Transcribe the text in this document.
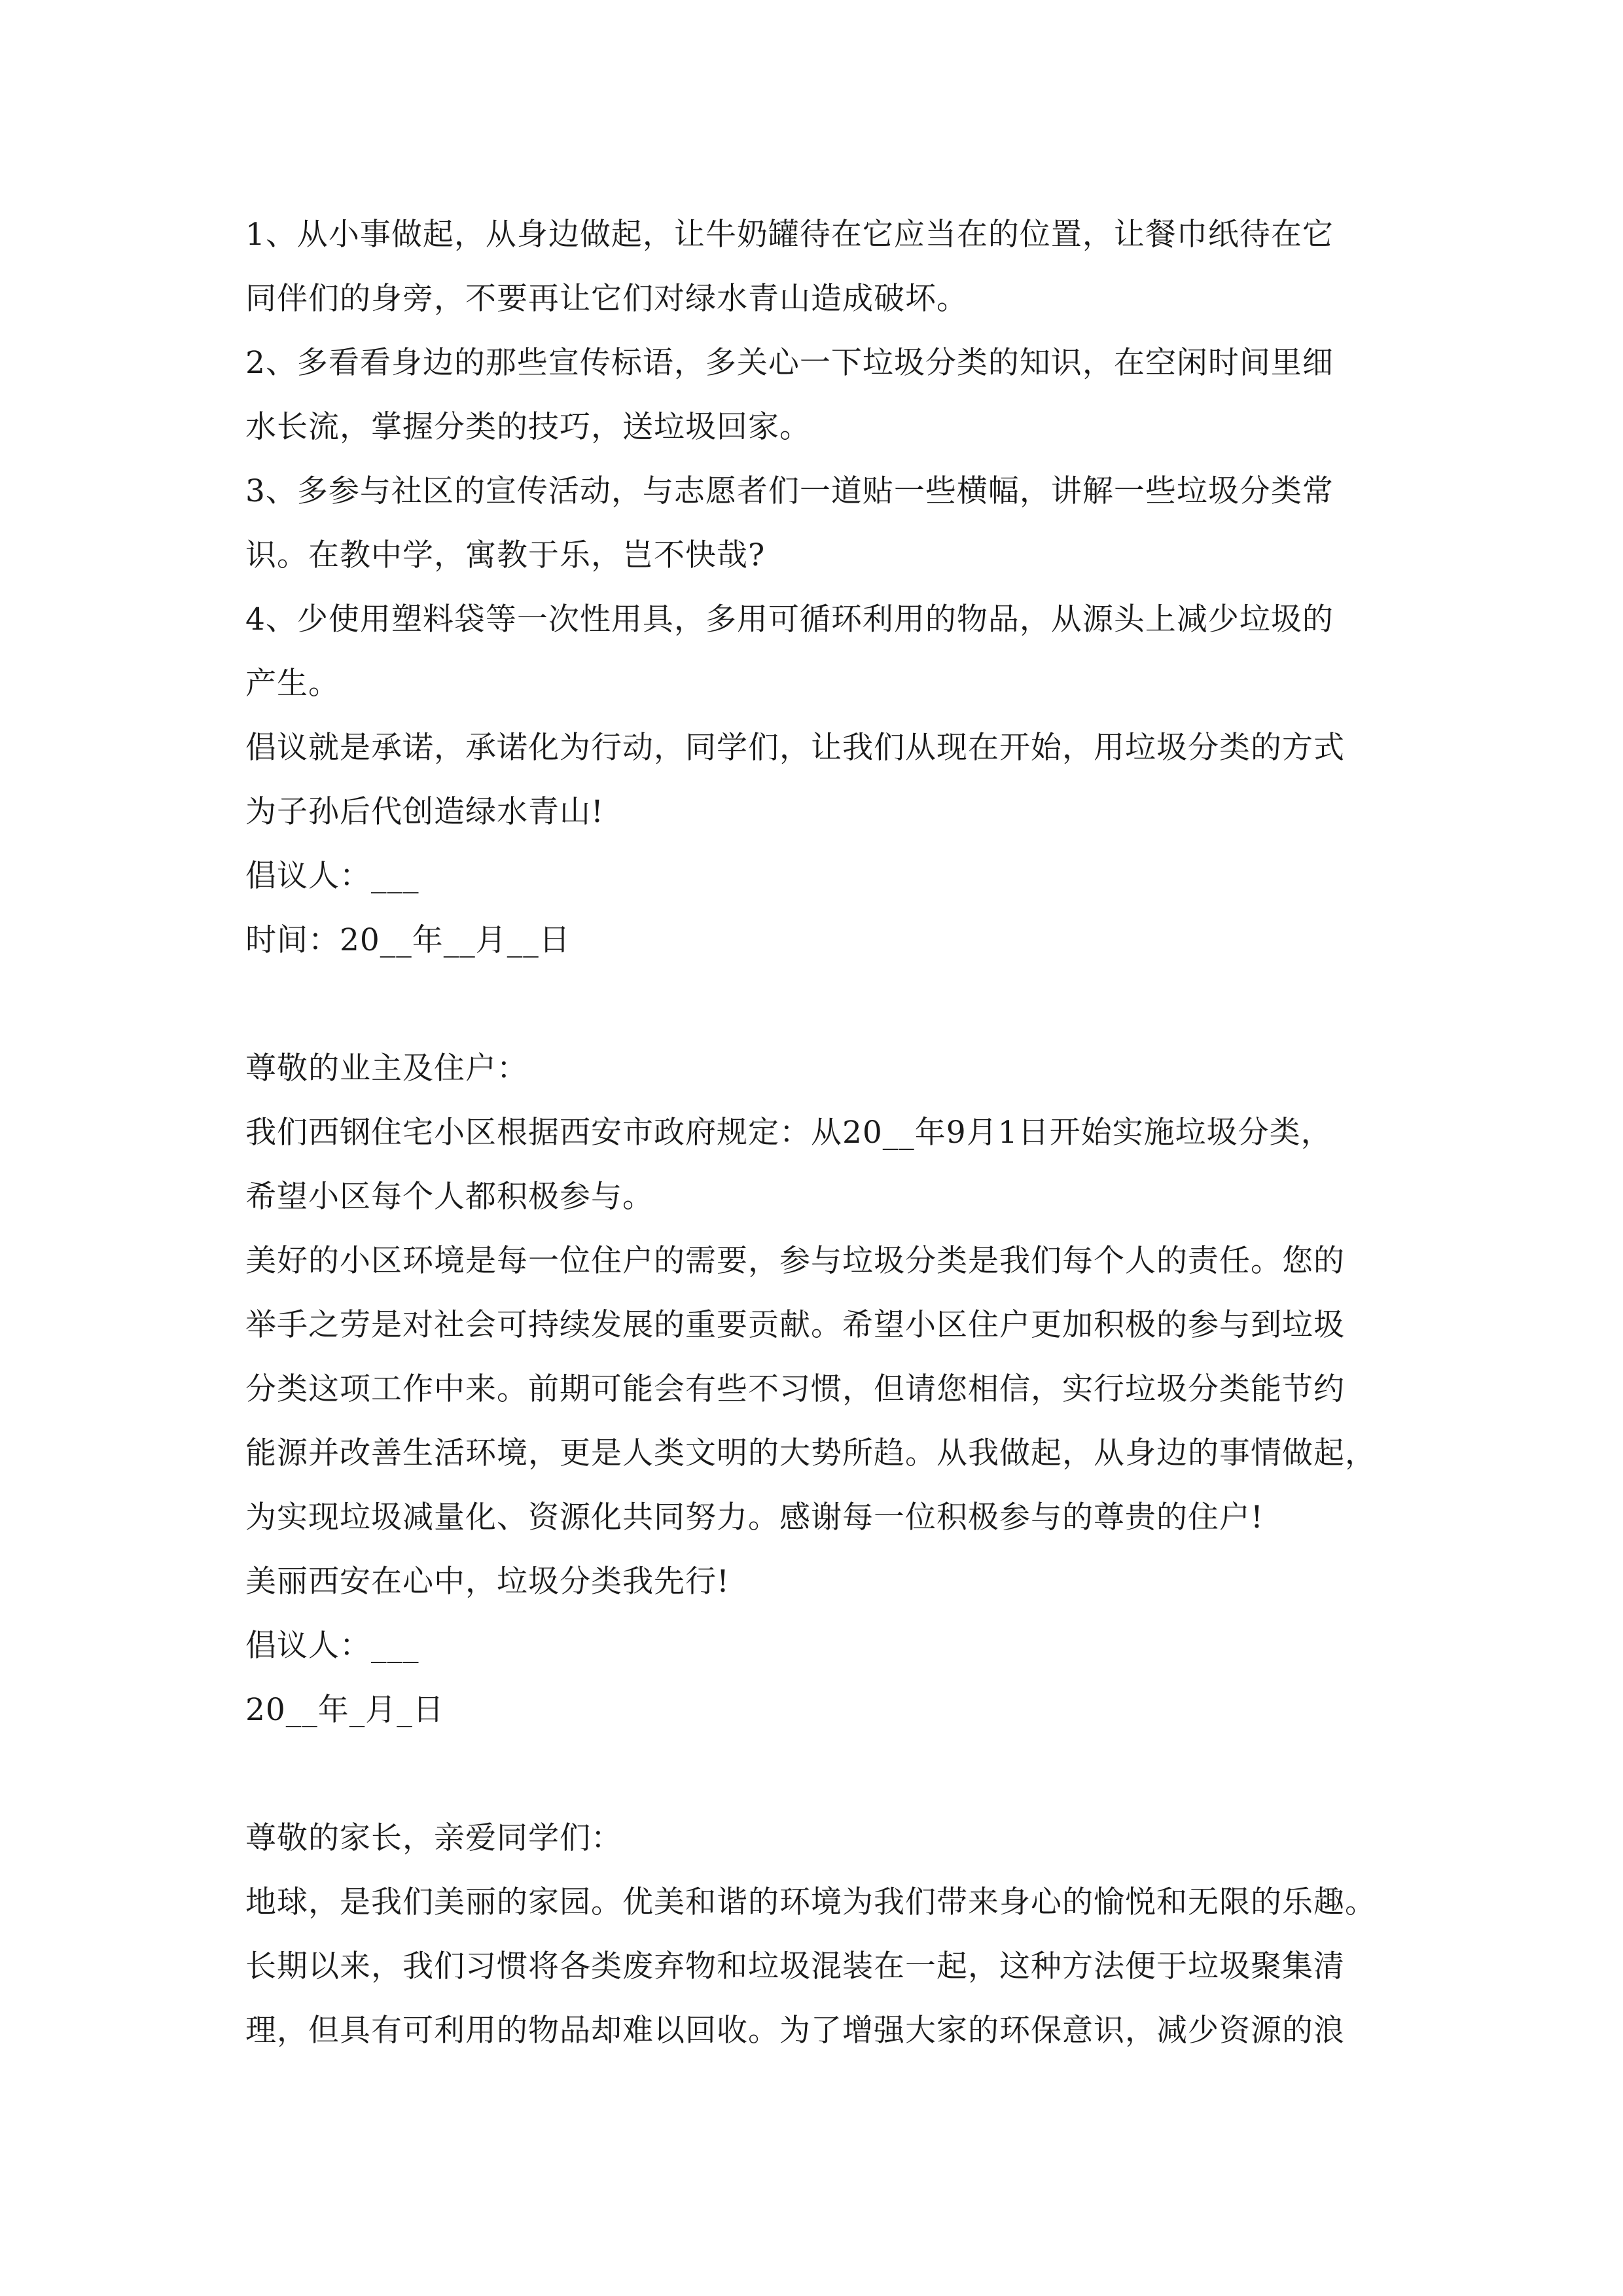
1、从小事做起，从身边做起，让牛奶罐待在它应当在的位置，让餐巾纸待在它
同伴们的身旁，不要再让它们对绿水青山造成破坏。
2、多看看身边的那些宣传标语，多关心一下垃圾分类的知识，在空闲时间里细
水长流，掌握分类的技巧，送垃圾回家。
3、多参与社区的宣传活动，与志愿者们一道贴一些横幅，讲解一些垃圾分类常
识。在教中学，寓教于乐，岂不快哉?
4、少使用塑料袋等一次性用具，多用可循环利用的物品，从源头上减少垃圾的
产生。
倡议就是承诺，承诺化为行动，同学们，让我们从现在开始，用垃圾分类的方式
为子孙后代创造绿水青山!
倡议人：___
时间：20__年__月__日
尊敬的业主及住户：
我们西钢住宅小区根据西安市政府规定：从20__年9月1日开始实施垃圾分类，
希望小区每个人都积极参与。
美好的小区环境是每一位住户的需要，参与垃圾分类是我们每个人的责任。您的
举手之劳是对社会可持续发展的重要贡献。希望小区住户更加积极的参与到垃圾
分类这项工作中来。前期可能会有些不习惯，但请您相信，实行垃圾分类能节约
能源并改善生活环境，更是人类文明的大势所趋。从我做起，从身边的事情做起，
为实现垃圾减量化、资源化共同努力。感谢每一位积极参与的尊贵的住户!
美丽西安在心中，垃圾分类我先行!
倡议人：___
20__年_月_日
尊敬的家长，亲爱同学们：
地球，是我们美丽的家园。优美和谐的环境为我们带来身心的愉悦和无限的乐趣。
长期以来，我们习惯将各类废弃物和垃圾混装在一起，这种方法便于垃圾聚集清
理，但具有可利用的物品却难以回收。为了增强大家的环保意识，减少资源的浪
